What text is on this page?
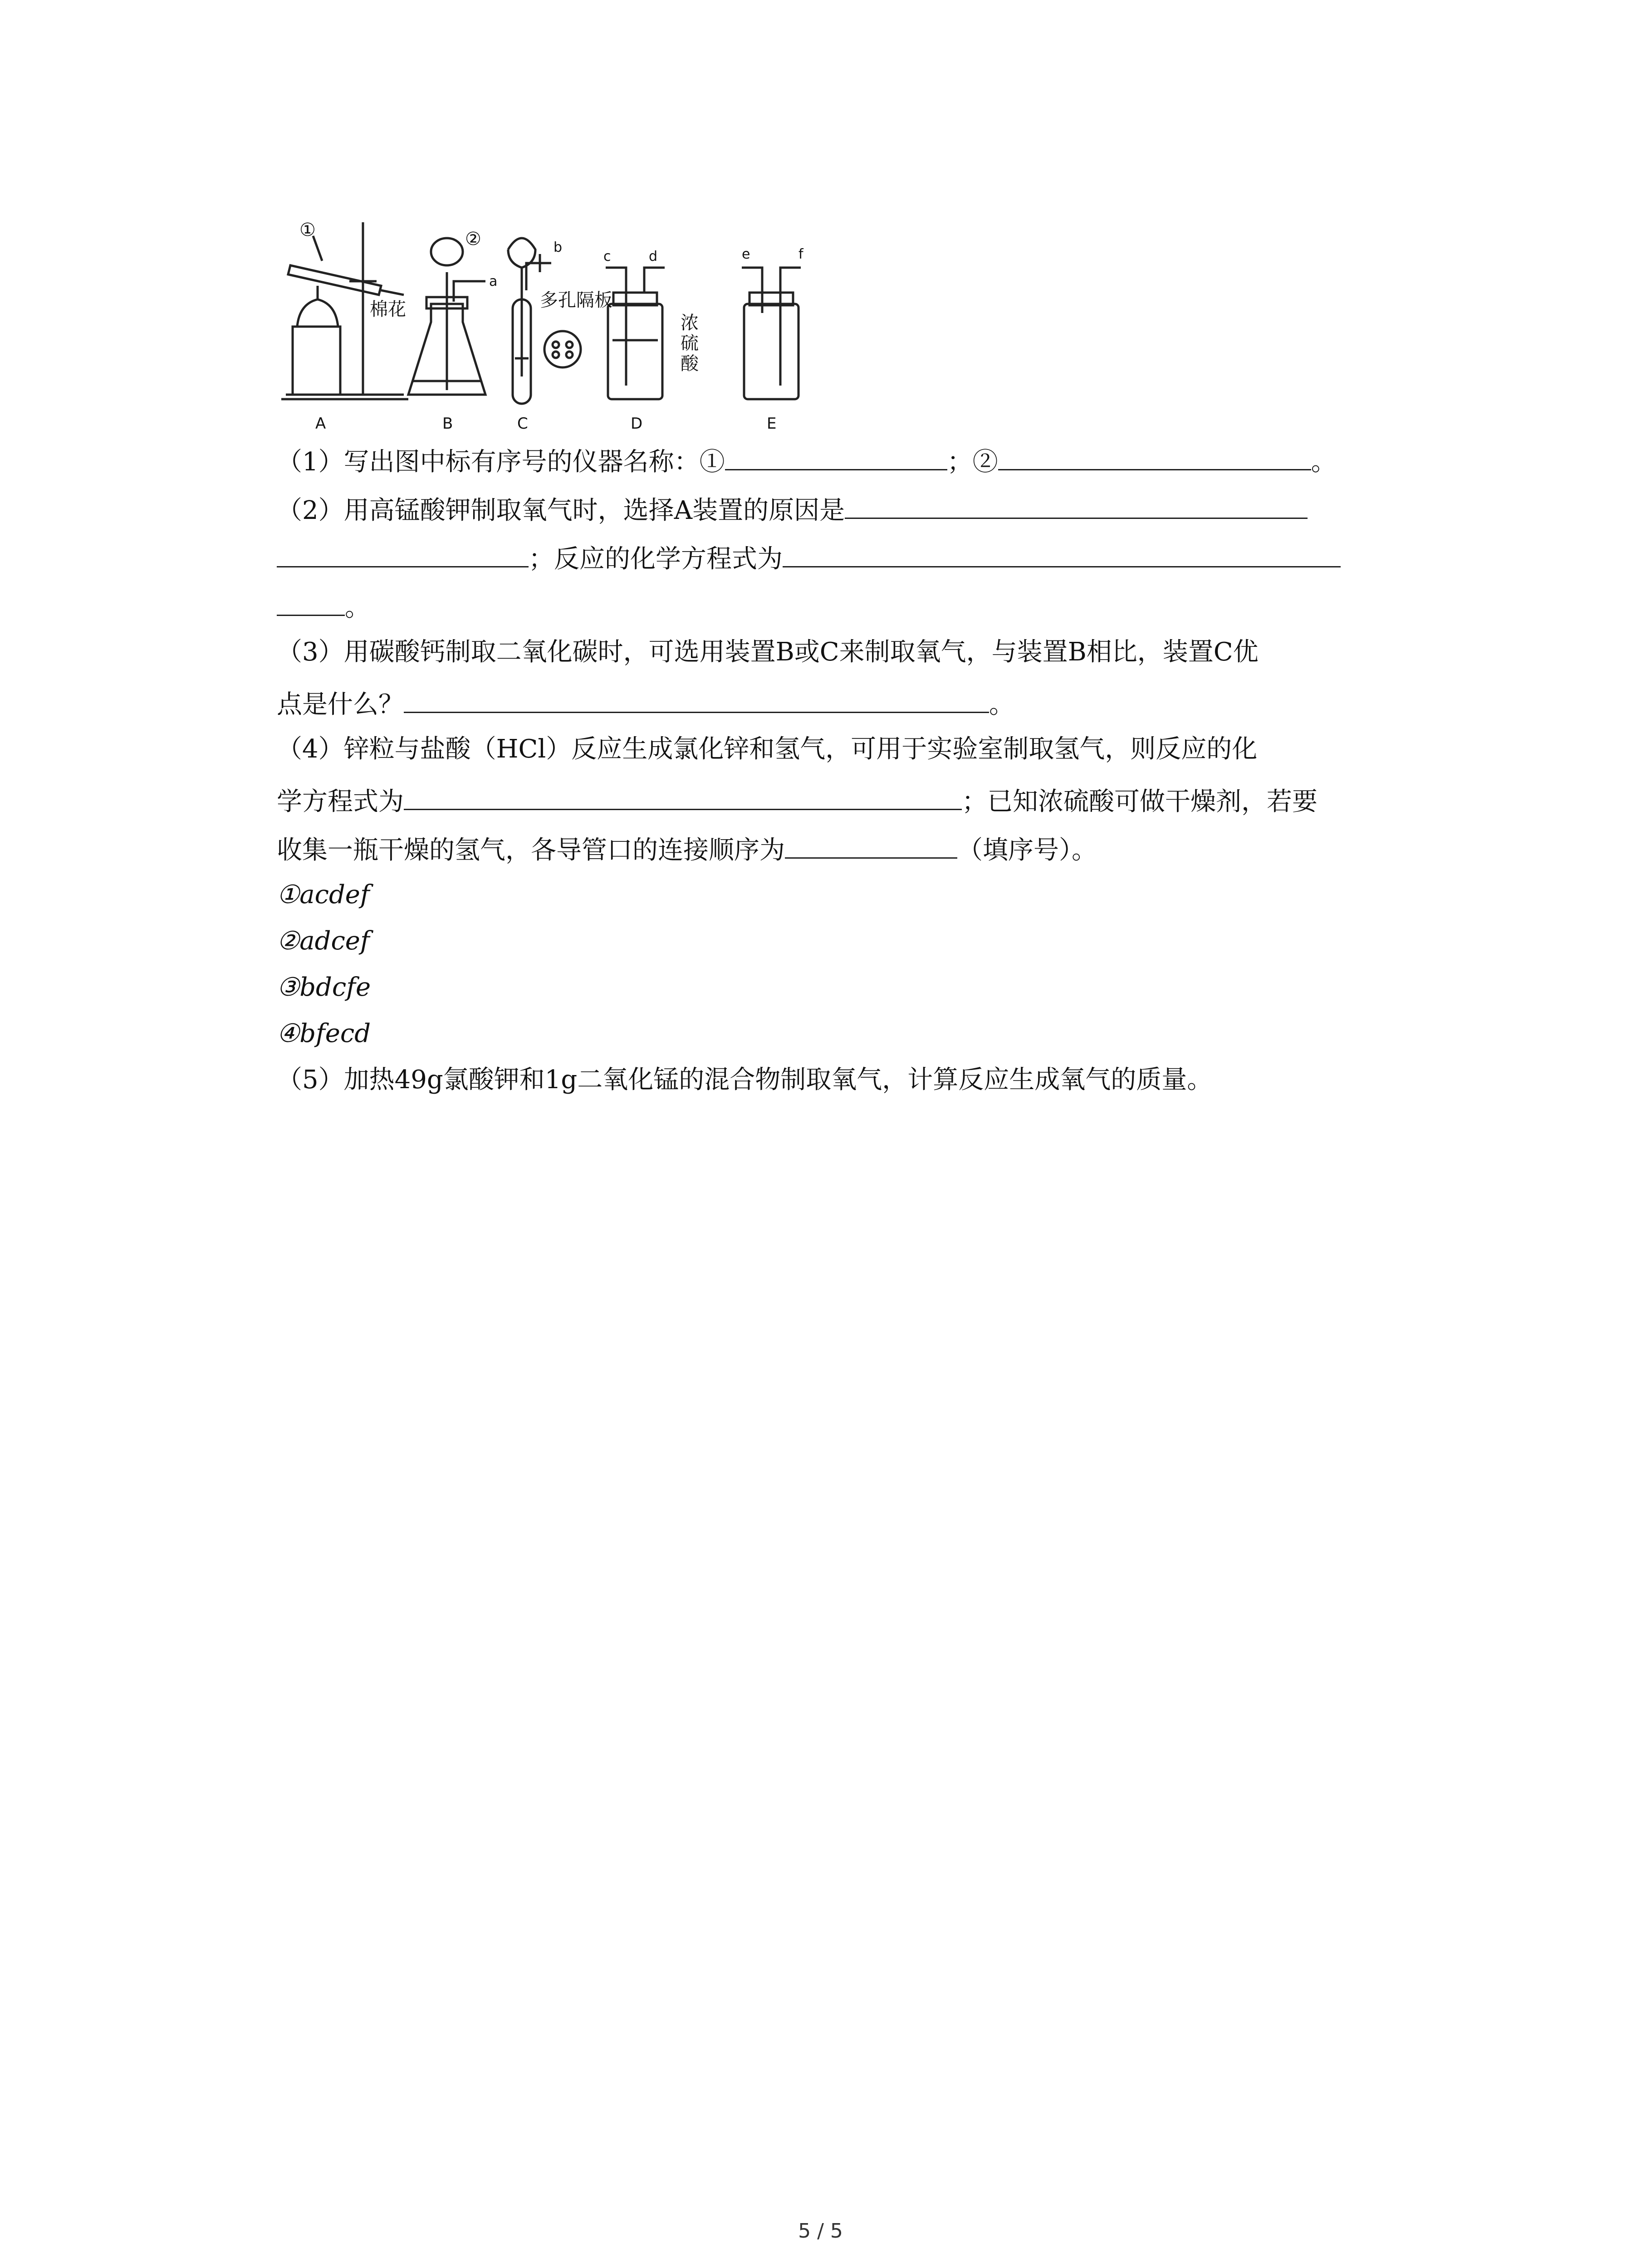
①	②
棉花
a
b
c	d	e	f
多孔隔板
浓
硫
酸
A	B	C	D	E
（1）写出图中标有序号的仪器名称：①	；②	。
（2）用高锰酸钾制取氧气时，选择A装置的原因是
；反应的化学方程式为
。
（3）用碳酸钙制取二氧化碳时，可选用装置B或C来制取氧气，与装置B相比，装置C优
点是什么？	。
（4）锌粒与盐酸（HCl）反应生成氯化锌和氢气，可用于实验室制取氢气，则反应的化
学方程式为	；已知浓硫酸可做干燥剂，若要
收集一瓶干燥的氢气，各导管口的连接顺序为	（填序号）。
①acdef
②adcef
③bdcfe
④bfecd
（5）加热49g氯酸钾和1g二氧化锰的混合物制取氧气，计算反应生成氧气的质量。
5 / 5
